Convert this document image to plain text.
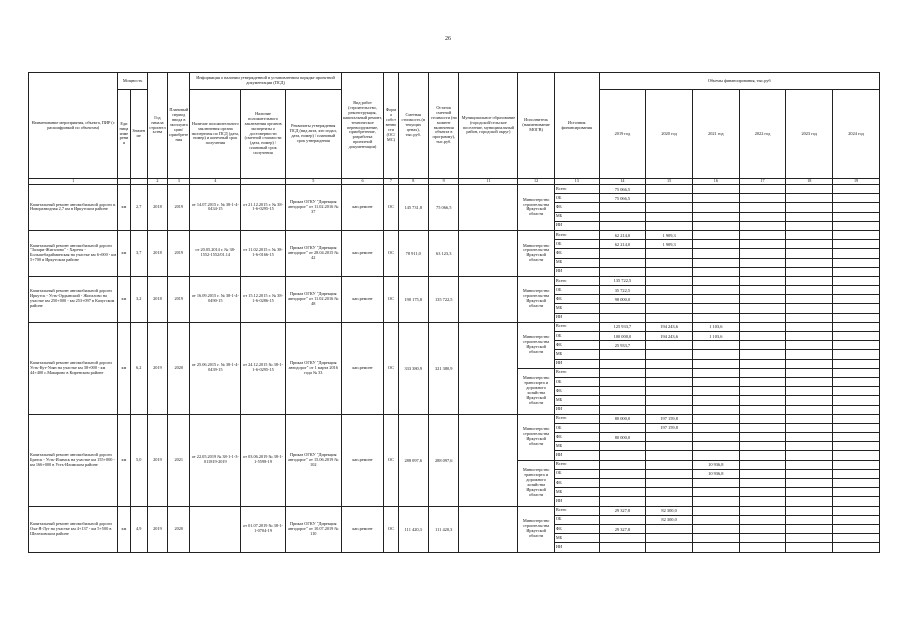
26
Наименование мероприятия, объекта, ПИР (с расшифровкой по объектам)	Мощность		Год начала строительства	Плановый период ввода в эксплуатацию/приобретения	Информация о наличии утвержденной в установленном порядке проектной документации (ПСД)			Вид работ (строительство, реконструкция, капитальный ремонт, техническое перевооружение, приобретение, разработка проектной документации)	Форма собственности (ОС/МС)	Сметная стоимость (в текущих ценах), тыс.руб.	Остаток сметной стоимости (на момент включения объекта в программу), тыс.руб.	Муниципальное образование (городской/сельское поселение, муниципальный район, городской округ)	Исполнитель (наименование МОГВ)	Источник финансирования	Объемы финансирования, тыс.руб					
	Единица измерения	Значение			Наличие положительного заключения органа экспертизы по ПСД (дата, номер) и конечный срок получения	Наличие положительного заключения органов экспертизы о достоверности (сметной стоимости (дата, номер) / плановый срок получения	Реквизиты утверждения ПСД (вид акта, кто издал, дата, номер) / плановый срок утверждения								2019 год	2020 год	2021 год	2022 год	2023 год	2024 год
1			2	3	4		5	6	7	8	9	11	12	13	14	15	16	17	18	19
Капитальный ремонт автомобильной дороги п. Новоразводная 2,7 км в Иркутском районе	км	2,7	2018	2019	от 14.07.2015 г. № 38-1-4-0434-15	от 21.12.2015 г. № 38-1-6-0295-15	Приказ ОГКУ "Дирекция автодорог" от 11.02.2016 № 37	кап.ремонт	ОС	145 731,8	75 066,5		Министерство строительства Иркутской области	Всего	75 066,5					
														ОБ	75 066,5					
														ФБ						
														МБ						
														ИИ						
Капитальный ремонт автомобильной дороги "Залари-Жигалово" - Хареты - Большебадайминская на участке км 6+000 - км 5+700 в Иркутском районе	км	3,7	2018	2019	от 20.05.2014 г. № 38-1552-1552/01.14	от 11.02.2015 г. № 38-1-6-0166-15	Приказ ОГКУ "Дирекция автодорог" от 28.04.2015 № 42	кап.ремонт	ОС	78 911,0	63 123,3		Министерство строительства Иркутской области	Всего	62 214,0	1 909,3				
														ОБ	62 214,0	1 909,3				
														ФБ						
														МБ						
														ИИ						
Капитальный ремонт автомобильной дороги Иркутск - Усть-Ордынский - Жигалово на участке км 250+000 - км 253+097 в Качугском районе	км	3,2	2018	2019	от 16.09.2015 г. № 38-1-4-0490-15	от 15.12.2015 г. № 38-1-6-0286-15	Приказ ОГКУ "Дирекция автодорог" от 11.02.2016 № 48	кап.ремонт	ОС	190 175,8	135 722,5		Министерство строительства Иркутской области	Всего	135 722,5					
														ОБ	35 722,5					
														ФБ	98 000,0					
														МБ						
														ИИ						
Капитальный ремонт автомобильной дороги Усть-Кут-Уоян на участке км 38+000 - км 44+400 с.Макарово в Киренском районе	км	6,2	2019	2020	от 25.06.2015 г. № 38-1-4-0439-15	от 24.12.2015 № 38-1-1-6-0295-15	Приказ ОГКУ "Дирекция автодорог" от 1 марта 2016 года № 33	кап.ремонт	ОС	333 380,9	321 380,9		Министерство строительства Иркутской области	Всего	125 933,7	194 243,6	1 103,6			
														ОБ	100 000,0	194 243,6	1 103,6			
														ФБ	25 933,7					
														МБ						
														ИИ						
													Министерство транспорта и дорожного хозяйства Иркутской области	Всего						
														ОБ						
														ФБ						
														МБ						
														ИИ						
Капитальный ремонт автомобильной дороги Братск - Усть-Илимск на участке км 155+000 - км 166+000 в Усть-Илимском районе	км	5,0	2019	2021	от 22.05.2019 № 38-1-1-3-011819-2019	от 03.06.2019 № 38-1-1-5598-19	Приказ ОГКУ "Дирекция автодорог" от 15.06.2019 № 102	кап.ремонт	ОС	288 097,6	288 097,6		Министерство строительства Иркутской области	Всего	80 000,0	197 159,8				
														ОБ		197 159,8				
														ФБ	80 000,0					
														МБ						
														ИИ						
													Министерство транспорта и дорожного хозяйства Иркутской области	Всего			10 936,8			
														ОБ			10 936,8			
														ФБ						
														МБ						
														ИИ						
Капитальный ремонт автомобильной дороги Оха-Я-Луг на участке км 4+137 - км 5+500 в Шелеховском районе	км	4,9	2019	2020		от 01.07.2019 № 38-1-1-0704-19	Приказ ОГКУ "Дирекция автодорог" от 10.07.2019 № 110	кап.ремонт	ОС	111 420,3	111 420,3		Министерство строительства Иркутской области	Всего	29 327,8	82 300,0				
														ОБ		82 300,0				
														ФБ	29 327,8					
														МБ						
														ИИ						
